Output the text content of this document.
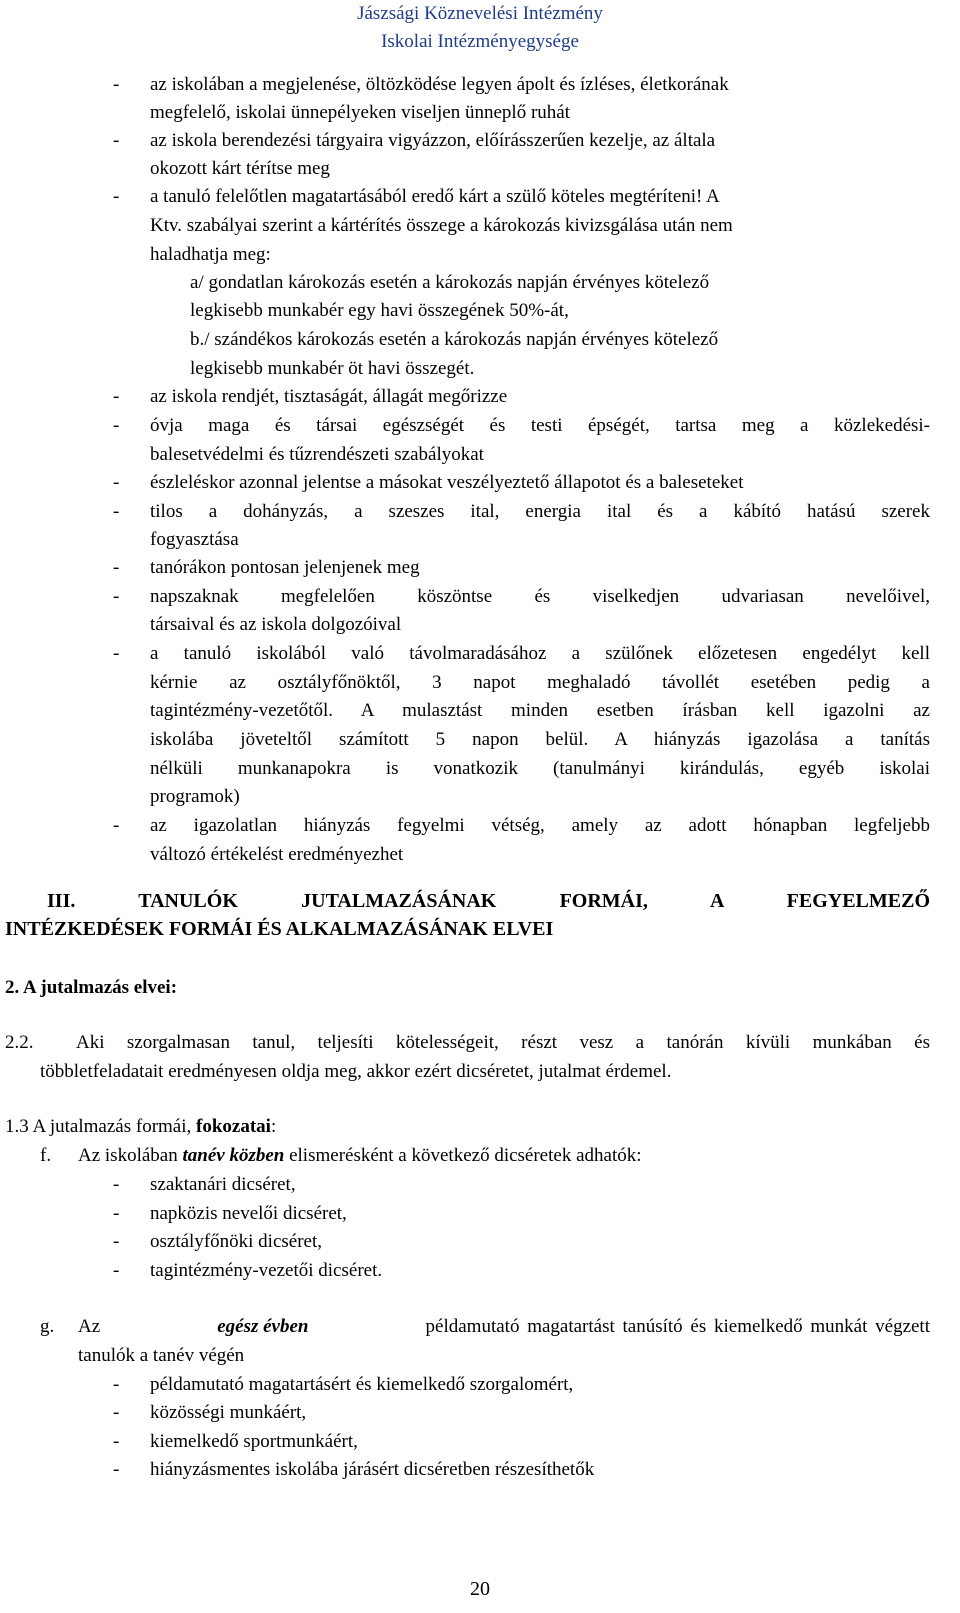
Jászsági Köznevelési Intézmény
Iskolai Intézményegysége
- az iskolában a megjelenése, öltözködése legyen ápolt és ízléses, életkorának
megfelelő, iskolai ünnepélyeken viseljen ünneplő ruhát
- az iskola berendezési tárgyaira vigyázzon, előírásszerűen kezelje, az általa
okozott kárt térítse meg
- a tanuló felelőtlen magatartásából eredő kárt a szülő köteles megtéríteni! A
Ktv. szabályai szerint a kártérítés összege a károkozás kivizsgálása után nem
haladhatja meg:
a/ gondatlan károkozás esetén a károkozás napján érvényes kötelező
legkisebb munkabér egy havi összegének 50%-át,
b./ szándékos károkozás esetén a károkozás napján érvényes kötelező
legkisebb munkabér öt havi összegét.
- az iskola rendjét, tisztaságát, állagát megőrizze
- óvja maga és társai egészségét és testi épségét, tartsa meg a közlekedési-
balesetvédelmi és tűzrendészeti szabályokat
- észleléskor azonnal jelentse a másokat veszélyeztető állapotot és a baleseteket
- tilos a dohányzás, a szeszes ital, energia ital és a kábító hatású szerek
fogyasztása
- tanórákon pontosan jelenjenek meg
- napszaknak megfelelően köszöntse és viselkedjen udvariasan nevelőivel,
társaival és az iskola dolgozóival
- a tanuló iskolából való távolmaradásához a szülőnek előzetesen engedélyt kell
kérnie az osztályfőnöktől, 3 napot meghaladó távollét esetében pedig a
tagintézmény-vezetőtől. A mulasztást minden esetben írásban kell igazolni az
iskolába jöveteltől számított 5 napon belül. A hiányzás igazolása a tanítás
nélküli munkanapokra is vonatkozik (tanulmányi kirándulás, egyéb iskolai
programok)
- az igazolatlan hiányzás fegyelmi vétség, amely az adott hónapban legfeljebb
változó értékelést eredményezhet
III. TANULÓK JUTALMAZÁSÁNAK FORMÁI, A FEGYELMEZŐ
INTÉZKEDÉSEK FORMÁI ÉS ALKALMAZÁSÁNAK ELVEI
2. A jutalmazás elvei:
2.2. Aki szorgalmasan tanul, teljesíti kötelességeit, részt vesz a tanórán kívüli munkában és
többletfeladatait eredményesen oldja meg, akkor ezért dicséretet, jutalmat érdemel.
1.3 A jutalmazás formái, fokozatai:
f. Az iskolában tanév közben elismerésként a következő dicséretek adhatók:
- szaktanári dicséret,
- napközis nevelői dicséret,
- osztályfőnöki dicséret,
- tagintézmény-vezetői dicséret.
g. Az	egész évben	példamutató magatartást tanúsító és kiemelkedő munkát végzett
tanulók a tanév végén
- példamutató magatartásért és kiemelkedő szorgalomért,
- közösségi munkáért,
- kiemelkedő sportmunkáért,
- hiányzásmentes iskolába járásért dicséretben részesíthetők
20
